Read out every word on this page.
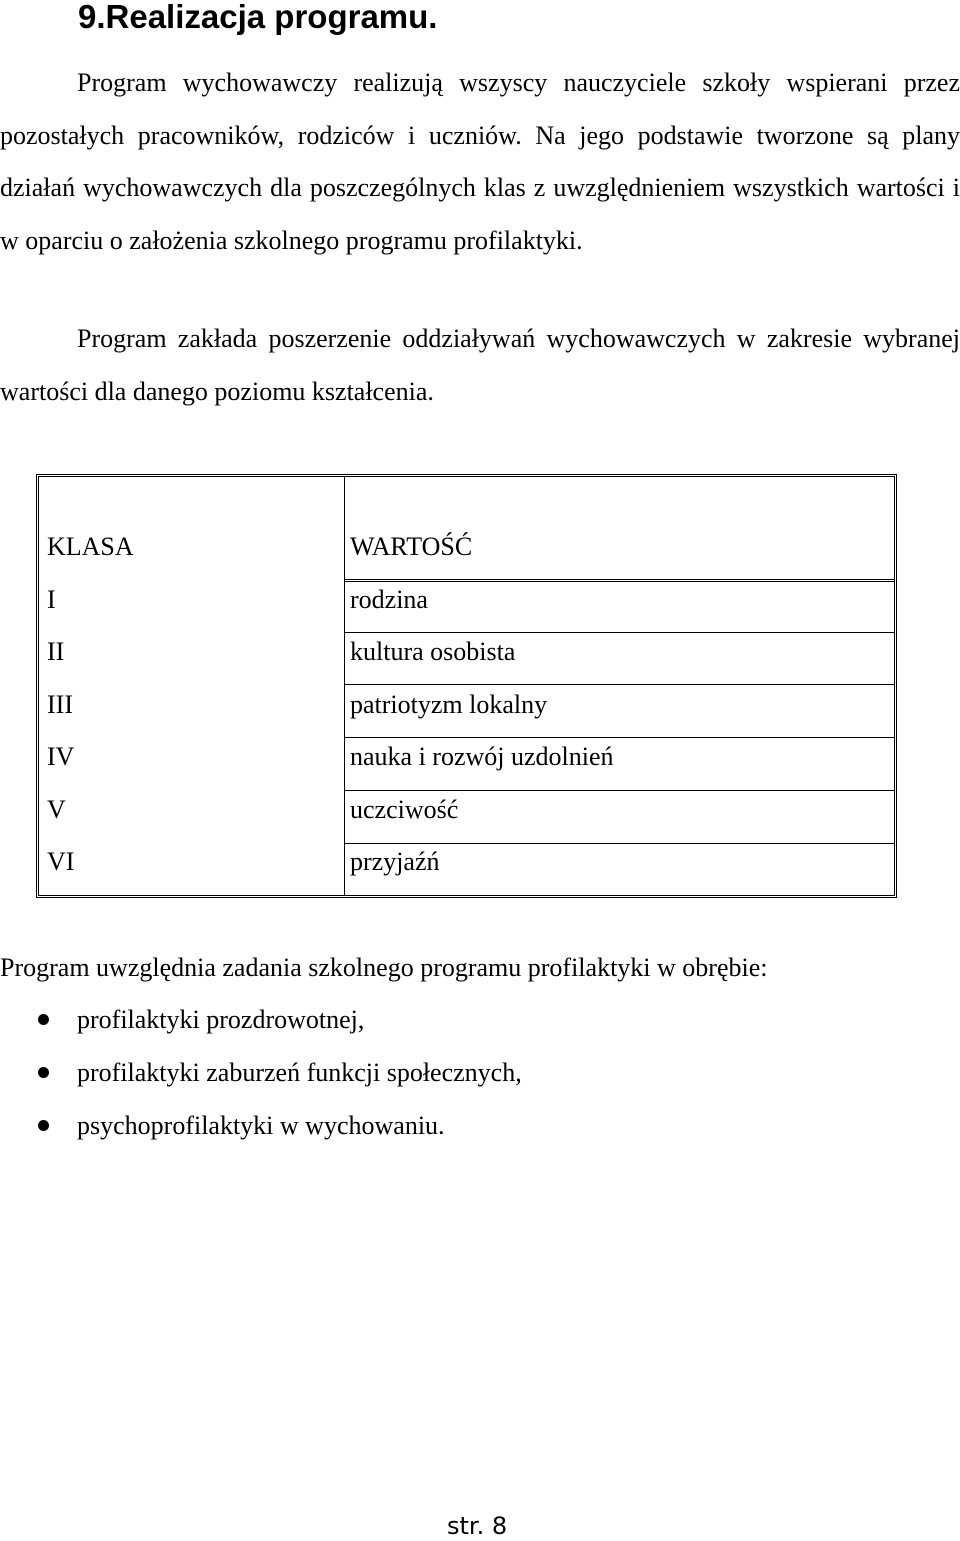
9.Realizacja programu.

Program wychowawczy realizują wszyscy nauczyciele szkoły wspierani przez pozostałych pracowników, rodziców i uczniów. Na jego podstawie tworzone są plany działań wychowawczych dla poszczególnych klas z uwzględnieniem wszystkich wartości i w oparciu o założenia szkolnego programu profilaktyki.

Program zakłada poszerzenie oddziaływań wychowawczych w zakresie wybranej wartości dla danego poziomu kształcenia.

KLASA	WARTOŚĆ
I	rodzina
II	kultura osobista
III	patriotyzm lokalny
IV	nauka i rozwój uzdolnień
V	uczciwość
VI	przyjaźń

Program uwzględnia zadania szkolnego programu profilaktyki w obrębie:

profilaktyki prozdrowotnej,
profilaktyki zaburzeń funkcji społecznych,
psychoprofilaktyki w wychowaniu.

str. 8
